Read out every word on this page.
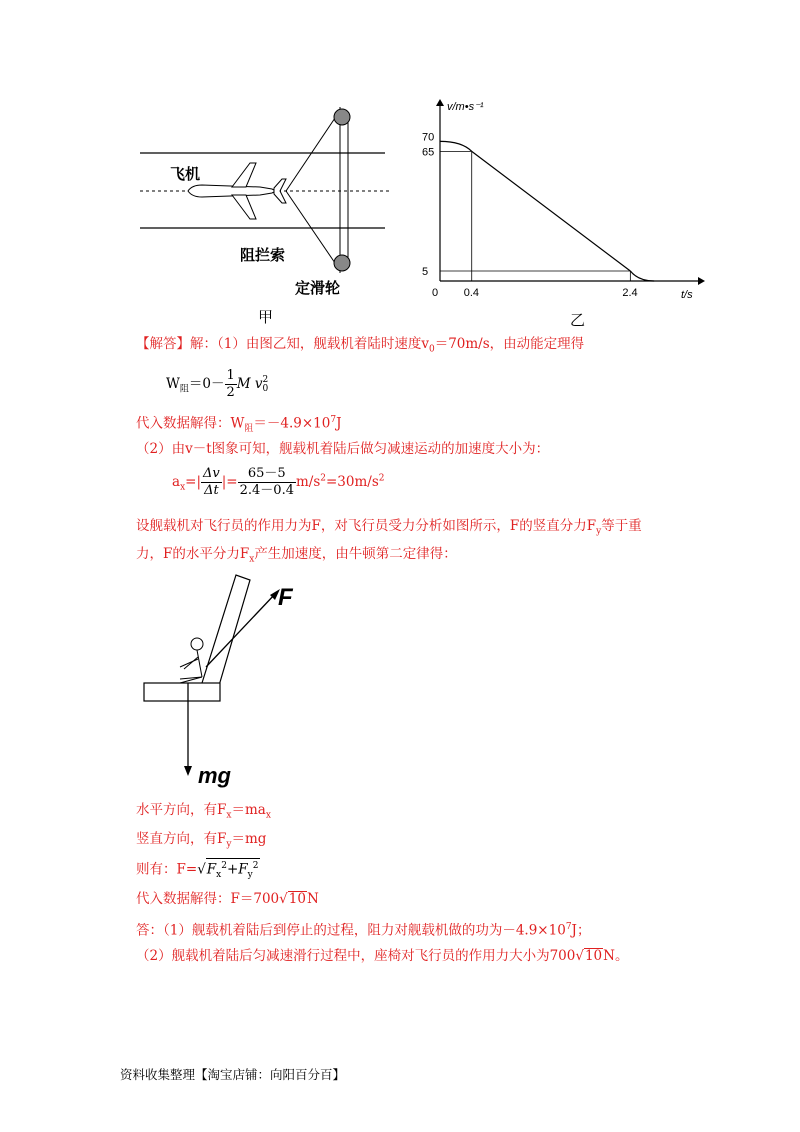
飞机
阻拦索
定滑轮
甲
70
65
5
0.4	2.4
v/m•s⁻¹
t/s
0
乙
【解答】解：（1）由图乙知，舰载机着陆时速度$v_0=70m/s$，由动能定理得
$W_阻=0- \frac{1}{2}$ M v 2
0
代入数据解得：$W_阻=-4.9\times 10^7J$
（2）由v－t图象可知，舰载机着陆后做匀减速运动的加速度大小为：
$a_x=| \frac{\Delta v}{\Delta t}$ |= $\frac{65-5}{2.4-0.4} m/s^2=30m/s^2$
设舰载机对飞行员的作用力为F，对飞行员受力分析如图所示，F的竖直分力$F_y$等于重
力，F的水平分力$F_x$产生加速度，由牛顿第二定律得：
F
mg
水平方向，有$F_x=ma_x$
竖直方向，有$F_y=mg$
则有：$F=√F_x^2+F_y^2$
代入数据解得：F＝700√10N
答：（1）舰载机着陆后到停止的过程，阻力对舰载机做的功为$-4.9\times 10^7J$；
（2）舰载机着陆后匀减速滑行过程中，座椅对飞行员的作用力大小为700√10N。
资料收集整理【淘宝店铺：向阳百分百】
